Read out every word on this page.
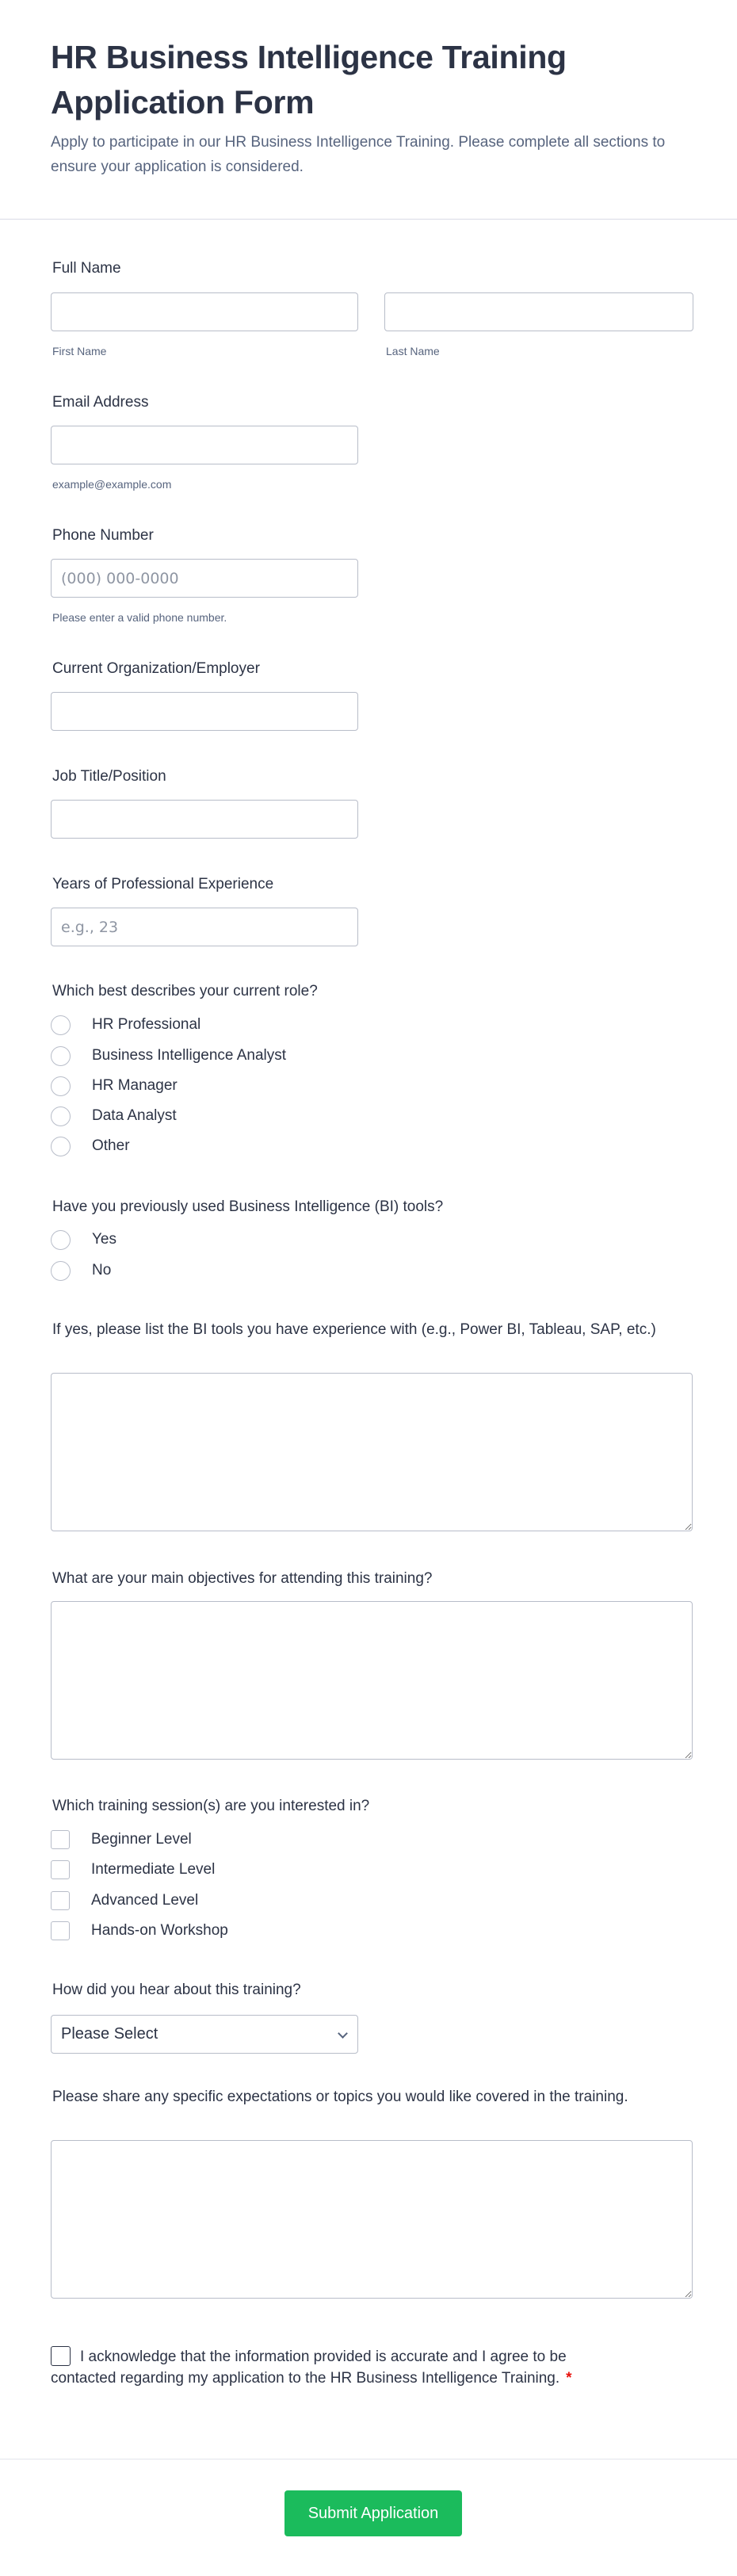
HR Business Intelligence Training Application Form

Apply to participate in our HR Business Intelligence Training. Please complete all sections to ensure your application is considered.

Full Name
First Name	Last Name
Email Address
example@example.com
Phone Number
(000) 000-0000
Please enter a valid phone number.
Current Organization/Employer
Job Title/Position
Years of Professional Experience
e.g., 23
Which best describes your current role?
HR Professional
Business Intelligence Analyst
HR Manager
Data Analyst
Other
Have you previously used Business Intelligence (BI) tools?
Yes
No
If yes, please list the BI tools you have experience with (e.g., Power BI, Tableau, SAP, etc.)
What are your main objectives for attending this training?
Which training session(s) are you interested in?
Beginner Level
Intermediate Level
Advanced Level
Hands-on Workshop
How did you hear about this training?
Please Select
Please share any specific expectations or topics you would like covered in the training.
I acknowledge that the information provided is accurate and I agree to be contacted regarding my application to the HR Business Intelligence Training. *
Submit Application
